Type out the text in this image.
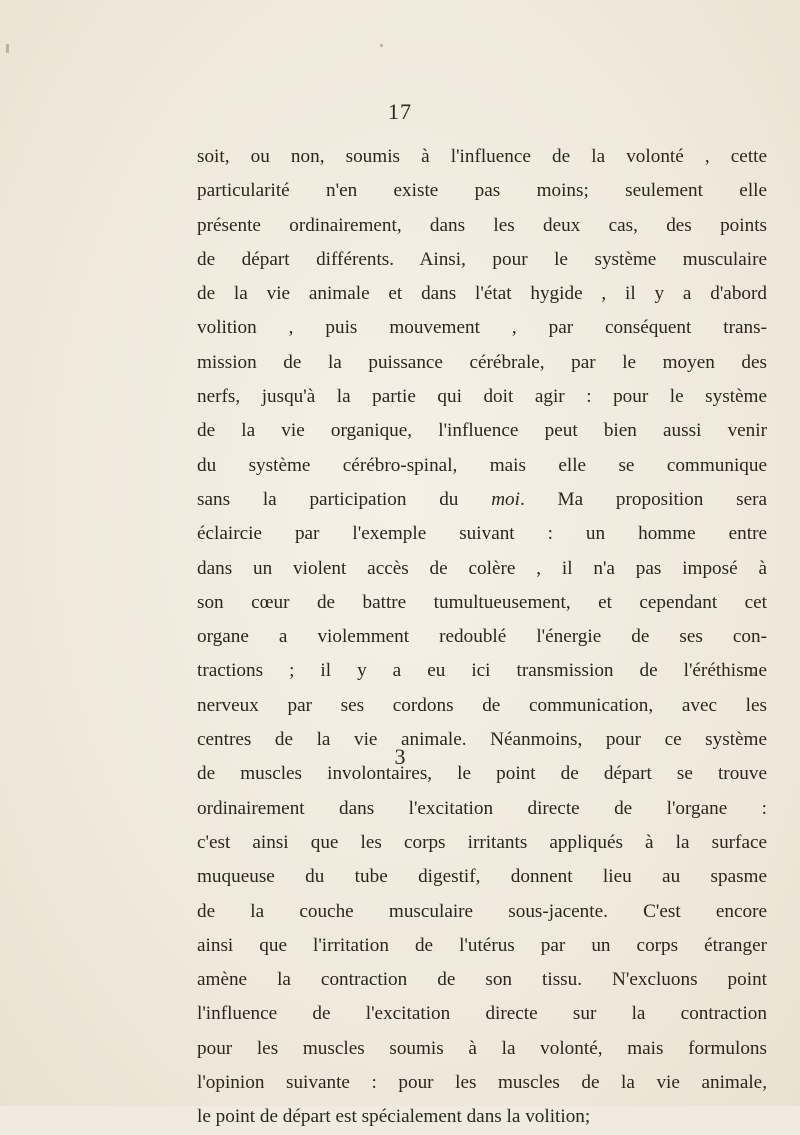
17
soit, ou non, soumis à l'influence de la volonté , cette
particularité n'en existe pas moins; seulement elle
présente ordinairement, dans les deux cas, des points
de départ différents. Ainsi, pour le système musculaire
de la vie animale et dans l'état hygide , il y a d'abord
volition , puis mouvement , par conséquent trans-
mission de la puissance cérébrale, par le moyen des
nerfs, jusqu'à la partie qui doit agir : pour le système
de la vie organique, l'influence peut bien aussi venir
du système cérébro-spinal, mais elle se communique
sans la participation du moi. Ma proposition sera
éclaircie par l'exemple suivant : un homme entre
dans un violent accès de colère , il n'a pas imposé à
son cœur de battre tumultueusement, et cependant cet
organe a violemment redoublé l'énergie de ses con-
tractions ; il y a eu ici transmission de l'éréthisme
nerveux par ses cordons de communication, avec les
centres de la vie animale. Néanmoins, pour ce système
de muscles involontaires, le point de départ se trouve
ordinairement dans l'excitation directe de l'organe :
c'est ainsi que les corps irritants appliqués à la surface
muqueuse du tube digestif, donnent lieu au spasme
de la couche musculaire sous-jacente. C'est encore
ainsi que l'irritation de l'utérus par un corps étranger
amène la contraction de son tissu. N'excluons point
l'influence de l'excitation directe sur la contraction
pour les muscles soumis à la volonté, mais formulons
l'opinion suivante : pour les muscles de la vie animale,
le point de départ est spécialement dans la volition;
3
